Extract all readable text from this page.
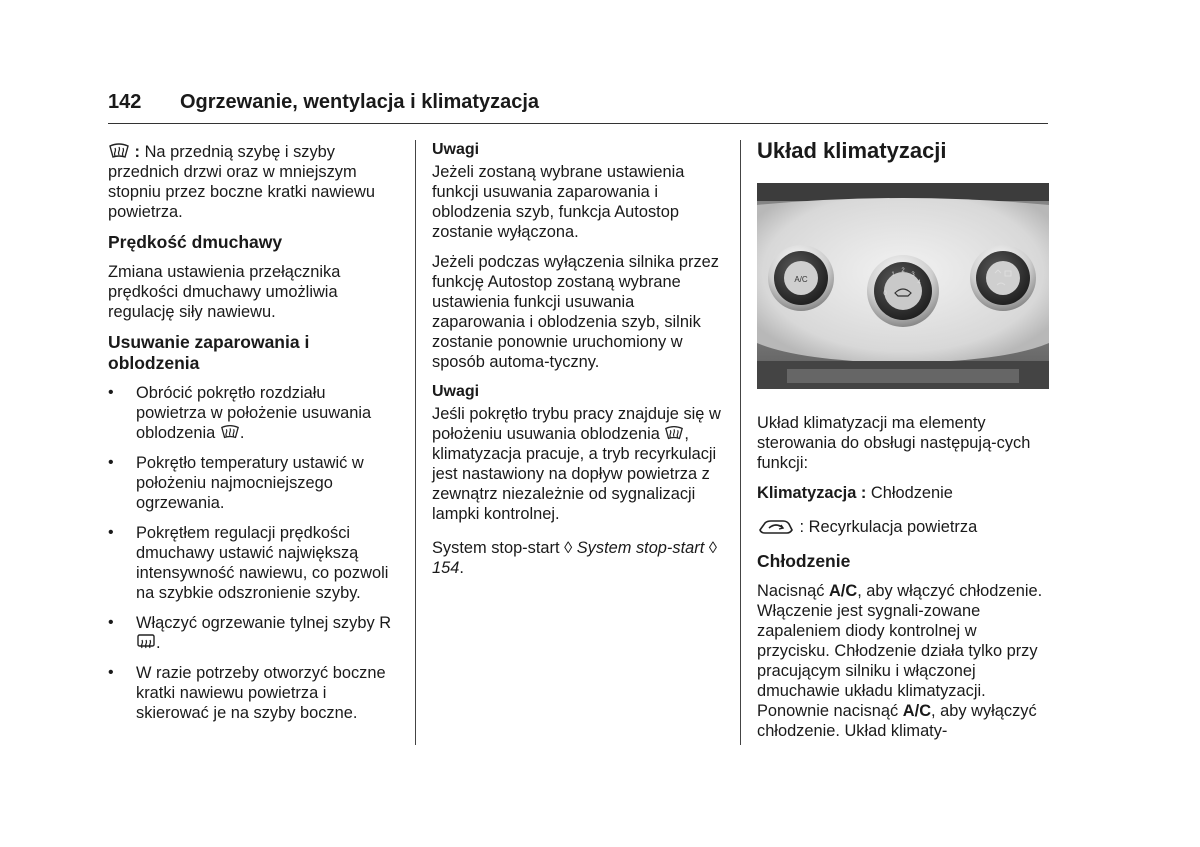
142 Ogrzewanie, wentylacja i klimatyzacja

: Na przednią szybę i szyby przednich drzwi oraz w mniejszym stopniu przez boczne kratki nawiewu powietrza.

Prędkość dmuchawy

Zmiana ustawienia przełącznika prędkości dmuchawy umożliwia regulację siły nawiewu.

Usuwanie zaparowania i oblodzenia
• Obrócić pokrętło rozdziału powietrza w położenie usuwania oblodzenia .
• Pokrętło temperatury ustawić w położeniu najmocniejszego ogrzewania.
• Pokrętłem regulacji prędkości dmuchawy ustawić największą intensywność nawiewu, co pozwoli na szybkie odszronienie szyby.
• Włączyć ogrzewanie tylnej szyby R .
• W razie potrzeby otworzyć boczne kratki nawiewu powietrza i skierować je na szyby boczne.
Uwagi

Jeżeli zostaną wybrane ustawienia funkcji usuwania zaparowania i oblodzenia szyb, funkcja Autostop zostanie wyłączona.

Jeżeli podczas wyłączenia silnika przez funkcję Autostop zostaną wybrane ustawienia funkcji usuwania zaparowania i oblodzenia szyb, silnik zostanie ponownie uruchomiony w sposób automa-tyczny.

Uwagi

Jeśli pokrętło trybu pracy znajduje się w położeniu usuwania oblodzenia , klimatyzacja pracuje, a tryb recyrkulacji jest nastawiony na dopływ powietrza z zewnątrz niezależnie od sygnalizacji lampki kontrolnej.

System stop-start ◊ System stop-start ◊ 154.

Układ klimatyzacji
A/C	1
2
3
4
0

Układ klimatyzacji ma elementy sterowania do obsługi następują-cych funkcji:

Klimatyzacja : Chłodzenie

: Recyrkulacja powietrza

Chłodzenie

Nacisnąć A/C, aby włączyć chłodzenie. Włączenie jest sygnali-zowane zapaleniem diody kontrolnej w przycisku. Chłodzenie działa tylko przy pracującym silniku i włączonej dmuchawie układu klimatyzacji. Ponownie nacisnąć A/C, aby wyłączyć chłodzenie. Układ klimaty-
